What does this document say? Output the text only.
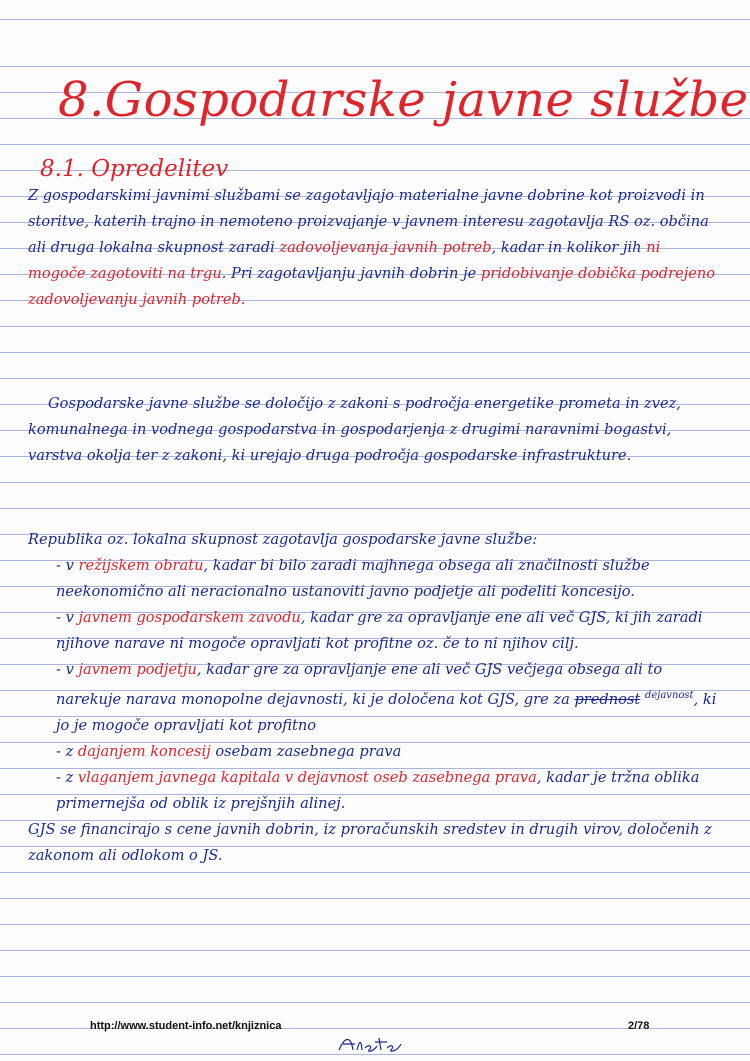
8.Gospodarske javne službe
8.1. Opredelitev
Z gospodarskimi javnimi službami se zagotavljajo materialne javne dobrine kot proizvodi in storitve, katerih trajno in nemoteno proizvajanje v javnem interesu zagotavlja RS oz. občina ali druga lokalna skupnost zaradi zadovoljevanja javnih potreb, kadar in kolikor jih ni mogoče zagotoviti na trgu. Pri zagotavljanju javnih dobrin je pridobivanje dobička podrejeno zadovoljevanju javnih potreb.
Gospodarske javne službe se določijo z zakoni s področja energetike prometa in zvez, komunalnega in vodnega gospodarstva in gospodarjenja z drugimi naravnimi bogastvi, varstva okolja ter z zakoni, ki urejajo druga področja gospodarske infrastrukture.
Republika oz. lokalna skupnost zagotavlja gospodarske javne službe:
- v režijskem obratu, kadar bi bilo zaradi majhnega obsega ali značilnosti službe neekonomično ali neracionalno ustanoviti javno podjetje ali podeliti koncesijo.
- v javnem gospodarskem zavodu, kadar gre za opravljanje ene ali več GJS, ki jih zaradi njihove narave ni mogoče opravljati kot profitne oz. če to ni njihov cilj.
- v javnem podjetju, kadar gre za opravljanje ene ali več GJS večjega obsega ali to narekuje narava monopolne dejavnosti, ki je določena kot GJS, gre za prednost $^{dejavnost}$, ki jo je mogoče opravljati kot profitno
- z dajanjem koncesij osebam zasebnega prava
- z vlaganjem javnega kapitala v dejavnost oseb zasebnega prava, kadar je tržna oblika primernejša od oblik iz prejšnjih alinej.
GJS se financirajo s cene javnih dobrin, iz proračunskih sredstev in drugih virov, določenih z zakonom ali odlokom o JS.
http://www.student-info.net/knjiznica	2/78
